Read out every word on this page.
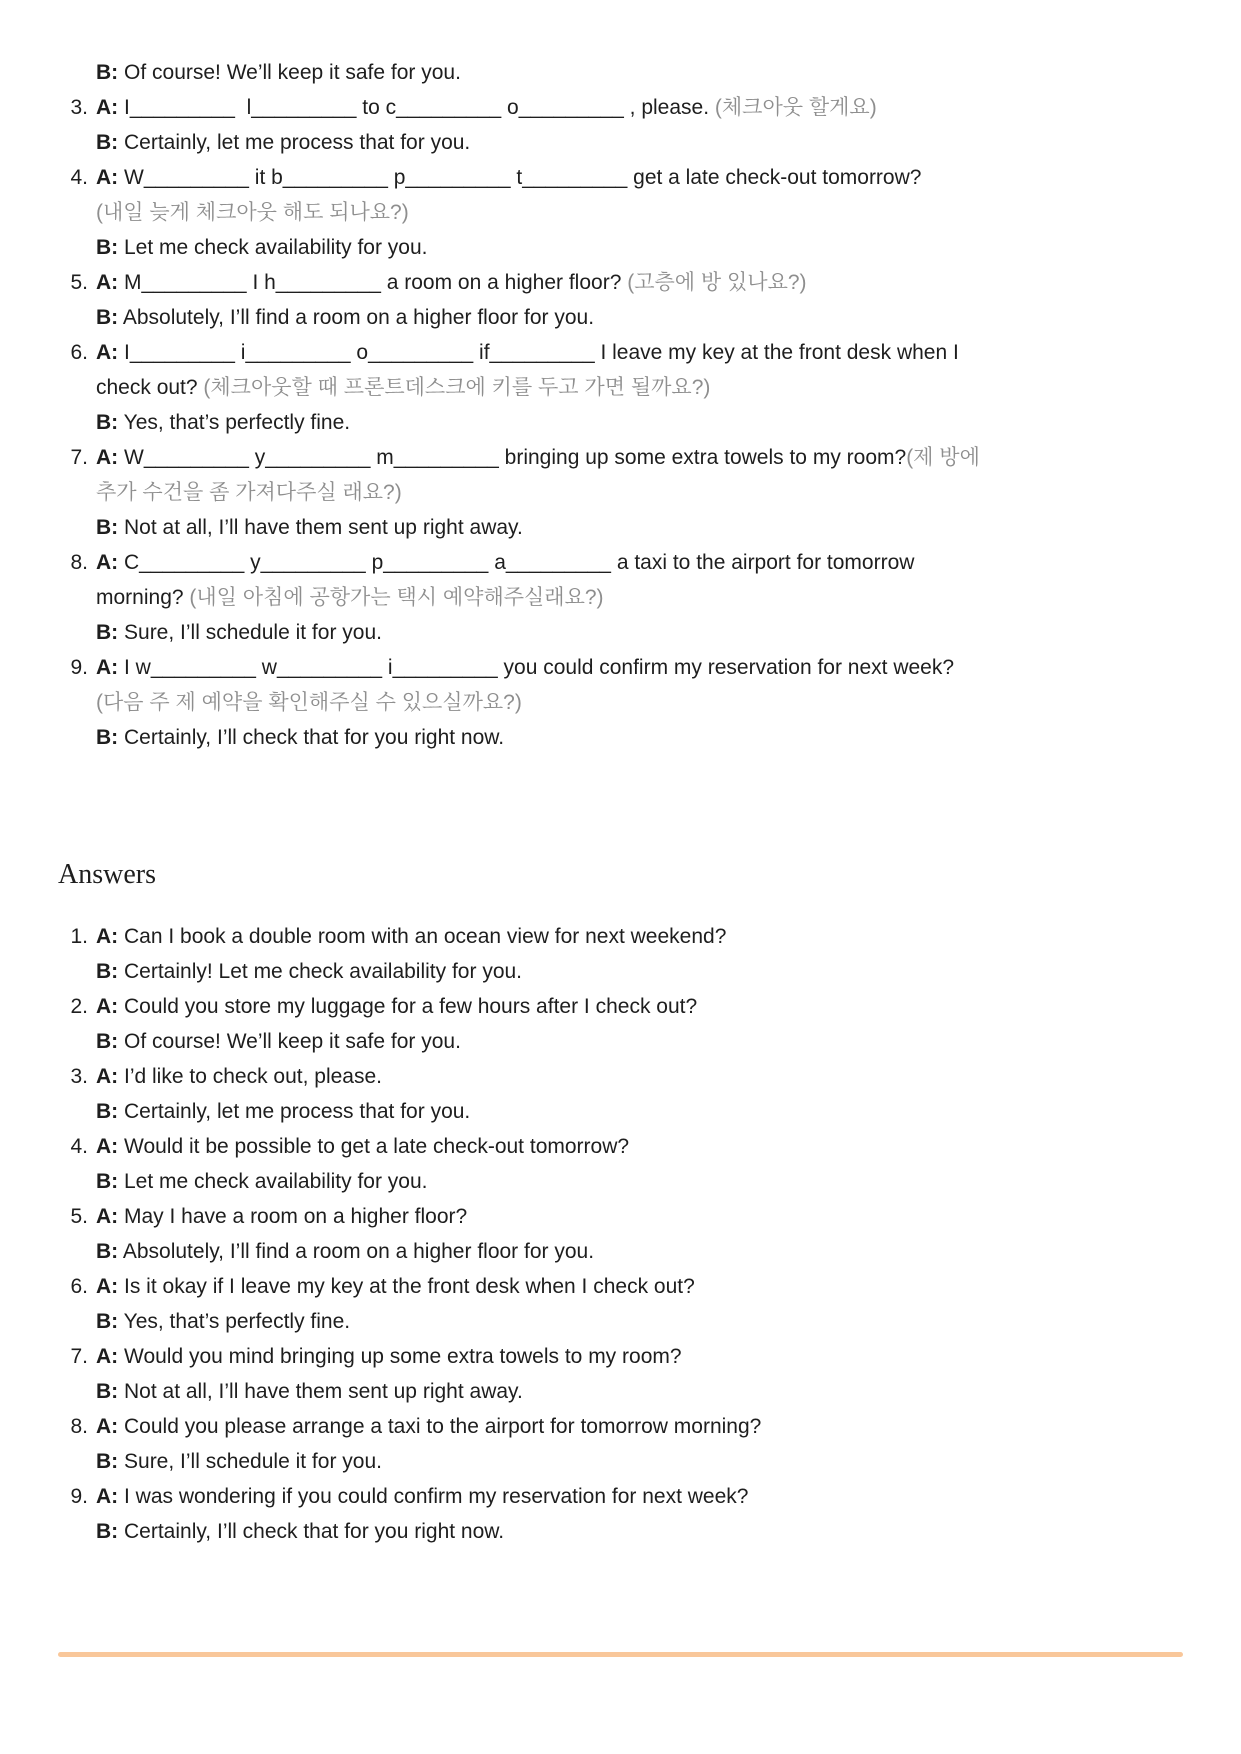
B: Of course! We’ll keep it safe for you.
3. A: I_________  l_________ to c_________ o_________ , please. (체크아웃 할게요)
B: Certainly, let me process that for you.
4. A: W_________ it b_________ p_________ t_________ get a late check-out tomorrow?
(내일 늦게 체크아웃 해도 되나요?)
B: Let me check availability for you.
5. A: M_________ I h_________ a room on a higher floor? (고층에 방 있나요?)
B: Absolutely, I’ll find a room on a higher floor for you.
6. A: I_________ i_________ o_________ if_________ I leave my key at the front desk when I
check out? (체크아웃할 때 프론트데스크에 키를 두고 가면 될까요?)
B: Yes, that’s perfectly fine.
7. A: W_________ y_________ m_________ bringing up some extra towels to my room?(제 방에
추가 수건을 좀 가져다주실 래요?)
B: Not at all, I’ll have them sent up right away.
8. A: C_________ y_________ p_________ a_________ a taxi to the airport for tomorrow
morning? (내일 아침에 공항가는 택시 예약해주실래요?)
B: Sure, I’ll schedule it for you.
9. A: I w_________ w_________ i_________ you could confirm my reservation for next week?
(다음 주 제 예약을 확인해주실 수 있으실까요?)
B: Certainly, I’ll check that for you right now.
Answers
1. A: Can I book a double room with an ocean view for next weekend?
B: Certainly! Let me check availability for you.
2. A: Could you store my luggage for a few hours after I check out?
B: Of course! We’ll keep it safe for you.
3. A: I’d like to check out, please.
B: Certainly, let me process that for you.
4. A: Would it be possible to get a late check-out tomorrow?
B: Let me check availability for you.
5. A: May I have a room on a higher floor?
B: Absolutely, I’ll find a room on a higher floor for you.
6. A: Is it okay if I leave my key at the front desk when I check out?
B: Yes, that’s perfectly fine.
7. A: Would you mind bringing up some extra towels to my room?
B: Not at all, I’ll have them sent up right away.
8. A: Could you please arrange a taxi to the airport for tomorrow morning?
B: Sure, I’ll schedule it for you.
9. A: I was wondering if you could confirm my reservation for next week?
B: Certainly, I’ll check that for you right now.
